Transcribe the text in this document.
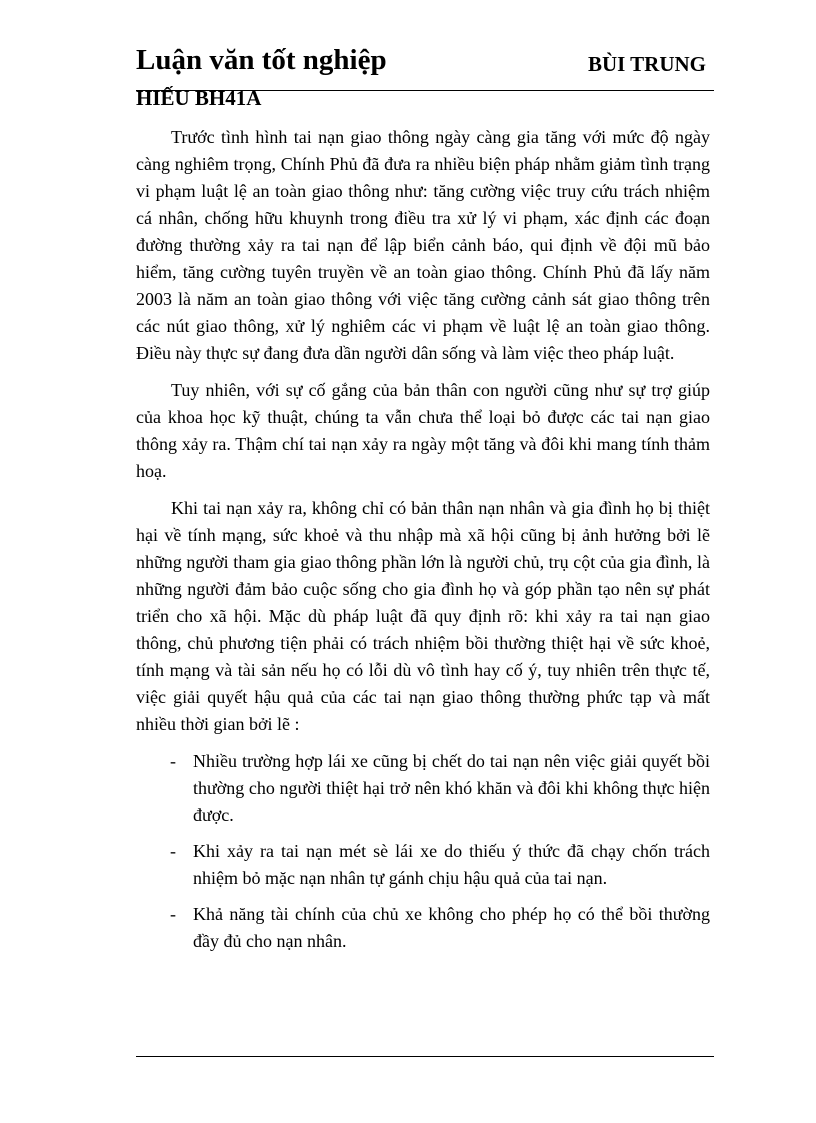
Luận văn tốt nghiệp	BÙI TRUNG
HIẾU BH41A

Trước tình hình tai nạn giao thông ngày càng gia tăng với mức độ ngày càng nghiêm trọng, Chính Phủ đã đưa ra nhiều biện pháp nhằm giảm tình trạng vi phạm luật lệ an toàn giao thông như: tăng cường việc truy cứu trách nhiệm cá nhân, chống hữu khuynh trong điều tra xử lý vi phạm, xác định các đoạn đường thường xảy ra tai nạn để lập biển cảnh báo, qui định về đội mũ bảo hiểm, tăng cường tuyên truyền về an toàn giao thông. Chính Phủ đã lấy năm 2003 là năm an toàn giao thông với việc tăng cường cảnh sát giao thông trên các nút giao thông, xử lý nghiêm các vi phạm về luật lệ an toàn giao thông. Điều này thực sự đang đưa dần người dân sống và làm việc theo pháp luật.

Tuy nhiên, với sự cố gắng của bản thân con người cũng như sự trợ giúp của khoa học kỹ thuật, chúng ta vẫn chưa thể loại bỏ được các tai nạn giao thông xảy ra. Thậm chí tai nạn xảy ra ngày một tăng và đôi khi mang tính thảm hoạ.

Khi tai nạn xảy ra, không chỉ có bản thân nạn nhân và gia đình họ bị thiệt hại về tính mạng, sức khoẻ và thu nhập mà xã hội cũng bị ảnh hưởng bởi lẽ những người tham gia giao thông phần lớn là người chủ, trụ cột của gia đình, là những người đảm bảo cuộc sống cho gia đình họ và góp phần tạo nên sự phát triển cho xã hội. Mặc dù pháp luật đã quy định rõ: khi xảy ra tai nạn giao thông, chủ phương tiện phải có trách nhiệm bồi thường thiệt hại về sức khoẻ, tính mạng và tài sản nếu họ có lỗi dù vô tình hay cố ý, tuy nhiên trên thực tế, việc giải quyết hậu quả của các tai nạn giao thông thường phức tạp và mất nhiều thời gian bởi lẽ :

- Nhiều trường hợp lái xe cũng bị chết do tai nạn nên việc giải quyết bồi thường cho người thiệt hại trở nên khó khăn và đôi khi không thực hiện được.
- Khi xảy ra tai nạn mét sè lái xe do thiếu ý thức đã chạy chốn trách nhiệm bỏ mặc nạn nhân tự gánh chịu hậu quả của tai nạn.
- Khả năng tài chính của chủ xe không cho phép họ có thể bồi thường đầy đủ cho nạn nhân.
